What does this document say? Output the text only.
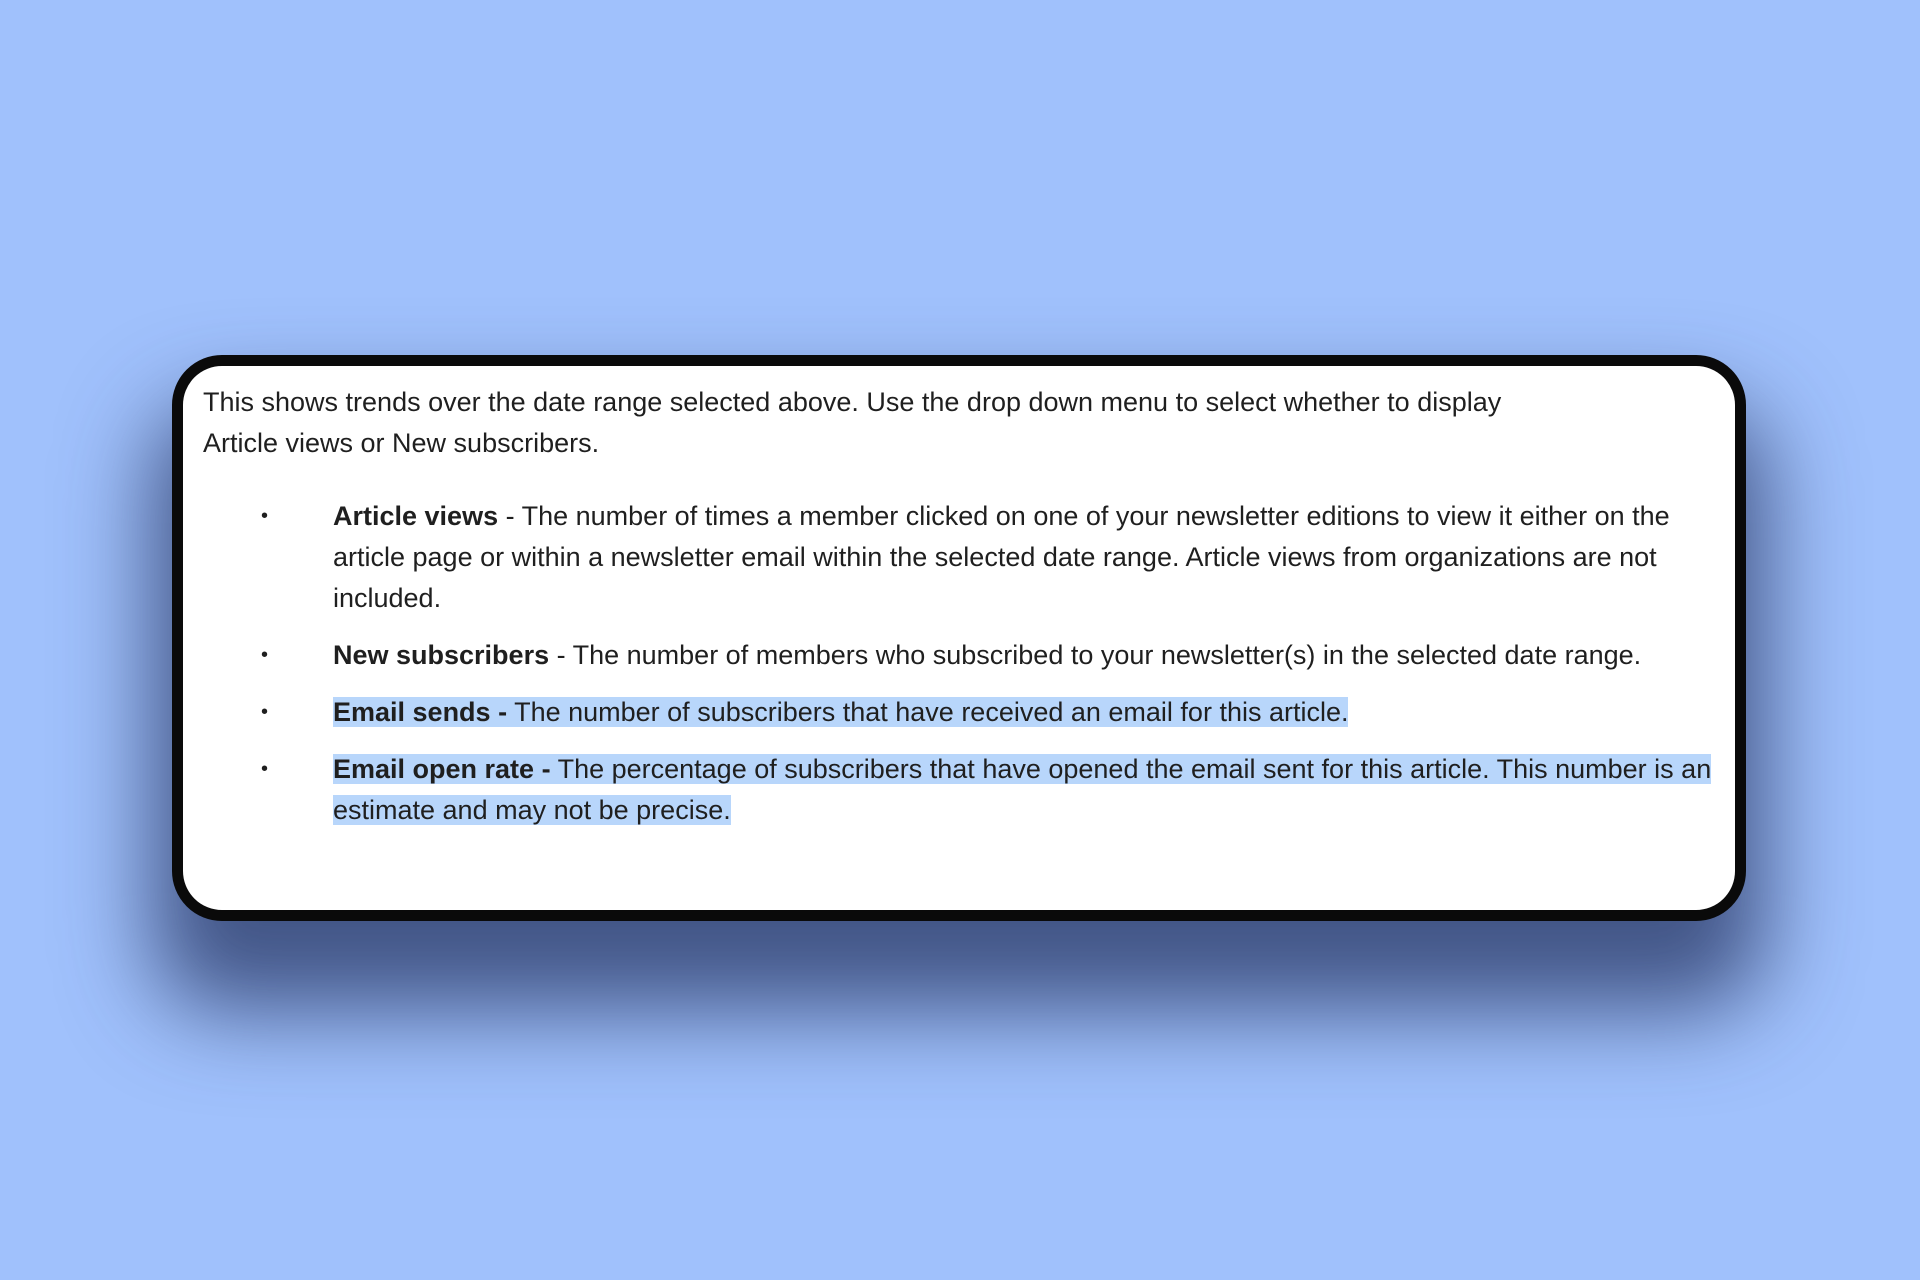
This shows trends over the date range selected above. Use the drop down menu to select whether to display
Article views or New subscribers.

• Article views - The number of times a member clicked on one of your newsletter editions to view it either on the article page or within a newsletter email within the selected date range. Article views from organizations are not included.
• New subscribers - The number of members who subscribed to your newsletter(s) in the selected date range.
• Email sends - The number of subscribers that have received an email for this article.
• Email open rate - The percentage of subscribers that have opened the email sent for this article. This number is an estimate and may not be precise.
